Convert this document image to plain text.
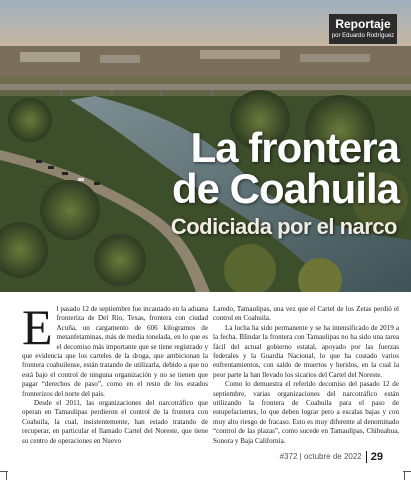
Reportaje
por Eduardo Rodríguez
La frontera
de Coahuila
Codiciada por el narco
E l pasado 12 de septiembre fue incautado en la aduana fronteriza de Del Río, Texas, frontera con ciudad Acuña, un cargamento de 606 kilogramos de metanfetaminas, más de media tonelada, en lo que es el decomiso más importante que se tiene registrado y que evidencia que los carteles de la droga, que ambicionan la frontera coahuilense, están tratando de utilizarla, debido a que no está bajo el control de ninguna organización y no se tienen que pagar “derechos de paso”, como en el resto de los estados fronterizos del norte del país.

Desde el 2011, las organizaciones del narcotráfico que operan en Tamaulipas perdieron el control de la frontera con Coahuila, la cual, insistentemente, han estado tratando de recuperar, en particular el llamado Cartel del Noreste, que tiene su centro de operaciones en Nuevo

Laredo, Tamaulipas, una vez que el Cartel de los Zetas perdió el control en Coahuila.

La lucha ha sido permanente y se ha intensificado de 2019 a la fecha. Blindar la frontera con Tamaulipas no ha sido una tarea fácil del actual gobierno estatal, apoyado por las fuerzas federales y la Guardia Nacional, lo que ha costado varios enfrentamientos, con saldo de muertos y heridos, en la cual la peor parte la han llevado los sicarios del Cartel del Noreste.

Como lo demuestra el referido decomiso del pasado 12 de septiembre, varias organizaciones del narcotráfico están utilizando la frontera de Coahuila para el paso de estupefacientes, lo que deben lograr pero a escalas bajas y con muy alto riesgo de fracaso. Esto es muy diferente al denominado “control de las plazas”, como sucede en Tamaulipas, Chihuahua, Sonora y Baja California.

#372 | octubre de 2022 29
